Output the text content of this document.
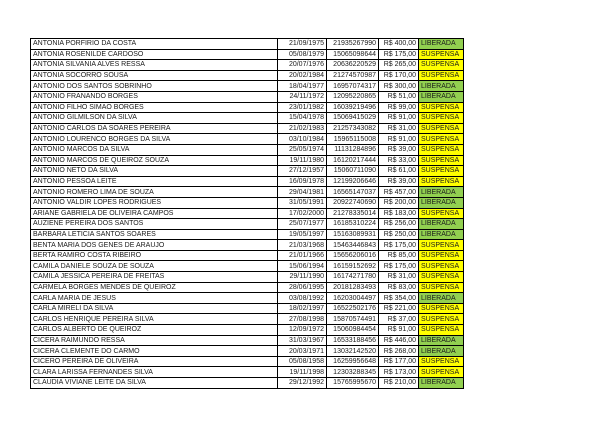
ANTONIA PORFIRIO DA COSTA	21/09/1975	21935267990	R$ 400,00	LIBERADA
ANTONIA ROSENILDE CARDOSO	05/08/1979	15065098644	R$ 175,00	SUSPENSA
ANTONIA SILVANIA ALVES RESSA	20/07/1976	20636220529	R$ 265,00	SUSPENSA
ANTONIA SOCORRO SOUSA	20/02/1984	21274570987	R$ 170,00	SUSPENSA
ANTONIO DOS SANTOS SOBRINHO	18/04/1977	16957074317	R$ 300,00	LIBERADA
ANTONIO FRANANDO BORGES	24/11/1972	12095220865	R$ 51,00	LIBERADA
ANTONIO FILHO SIMAO BORGES	23/01/1982	16039219496	R$ 99,00	SUSPENSA
ANTONIO GILMILSON DA SILVA	15/04/1978	15069415029	R$ 91,00	SUSPENSA
ANTONIO CARLOS DA SOARES PEREIRA	21/02/1983	21257343082	R$ 31,00	SUSPENSA
ANTONIO LOURENCO BORGES DA SILVA	03/10/1984	15965115008	R$ 91,00	SUSPENSA
ANTONIO MARCOS DA SILVA	25/05/1974	11131284896	R$ 39,00	SUSPENSA
ANTONIO MARCOS DE QUEIROZ SOUZA	19/11/1980	16120217444	R$ 33,00	SUSPENSA
ANTONIO NETO DA SILVA	27/12/1957	15060711090	R$ 61,00	SUSPENSA
ANTONIO PESSOA LEITE	16/09/1978	12199206646	R$ 39,00	SUSPENSA
ANTONIO ROMERO LIMA DE SOUZA	29/04/1981	16565147037	R$ 457,00	LIBERADA
ANTONIO VALDIR LOPES RODRIGUES	31/05/1991	20922740690	R$ 200,00	LIBERADA
ARIANE GABRIELA DE OLIVEIRA CAMPOS	17/02/2000	21278335014	R$ 183,00	SUSPENSA
AUZIENE PEREIRA DOS SANTOS	25/07/1977	16185310224	R$ 256,00	LIBERADA
BARBARA LETICIA SANTOS SOARES	19/05/1997	15163089931	R$ 250,00	LIBERADA
BENTA MARIA DOS GENES DE ARAUJO	21/03/1968	15463446843	R$ 175,00	SUSPENSA
BERTA RAMIRO COSTA RIBEIRO	21/01/1966	15656206016	R$ 85,00	SUSPENSA
CAMILA DANIELE SOUZA DE SOUZA	15/06/1994	16159152692	R$ 175,00	SUSPENSA
CAMILA JESSICA PEREIRA DE FREITAS	29/11/1990	16174271780	R$ 31,00	SUSPENSA
CARMELA BORGES MENDES DE QUEIROZ	28/06/1995	20181283493	R$ 83,00	SUSPENSA
CARLA MARIA DE JESUS	03/08/1992	16203004497	R$ 354,00	LIBERADA
CARLA MIRELI DA SILVA	18/02/1997	16522502176	R$ 221,00	SUSPENSA
CARLOS HENRIQUE PEREIRA SILVA	27/08/1998	15870574491	R$ 37,00	SUSPENSA
CARLOS ALBERTO DE QUEIROZ	12/09/1972	15060984454	R$ 91,00	SUSPENSA
CICERA RAIMUNDO RESSA	31/03/1967	16533188456	R$ 446,00	LIBERADA
CICERA CLEMENTE DO CARMO	20/03/1971	13032142520	R$ 268,00	LIBERADA
CICERO PEREIRA DE OLIVEIRA	05/08/1958	16259956648	R$ 177,00	SUSPENSA
CLARA LARISSA FERNANDES SILVA	19/11/1998	12303288345	R$ 173,00	SUSPENSA
CLAUDIA VIVIANE LEITE DA SILVA	29/12/1992	15765995670	R$ 210,00	LIBERADA
